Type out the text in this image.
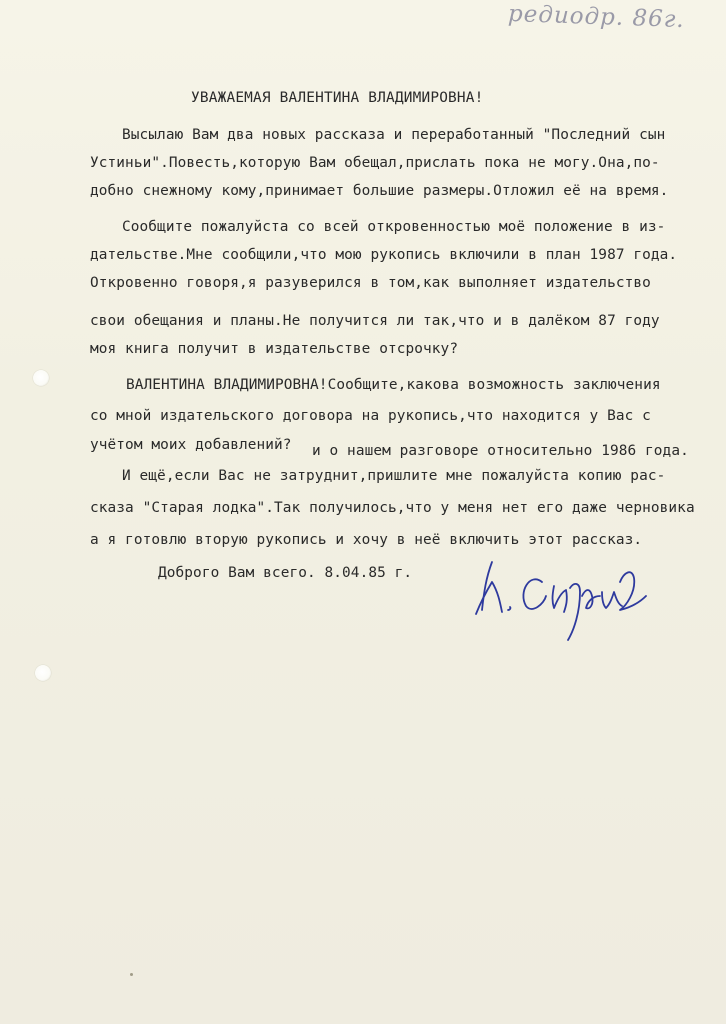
редиодр. 86г.
УВАЖАЕМАЯ ВАЛЕНТИНА ВЛАДИМИРОВНА!
Высылаю Вам два новых рассказа и переработанный "Последний сын
Устиньи".Повесть,которую Вам обещал,прислать пока не могу.Она,по-
добно снежному кому,принимает большие размеры.Отложил её на время.
Сообщите пожалуйста со всей откровенностью моё положение в из-
дательстве.Мне сообщили,что мою рукопись включили в план 1987 года.
Откровенно говоря,я разуверился в том,как выполняет издательство
свои обещания и планы.Не получится ли так,что и в далёком 87 году
моя книга получит в издательстве отсрочку?
ВАЛЕНТИНА ВЛАДИМИРОВНА!Сообщите,какова возможность заключения
со мной издательского договора на рукопись,что находится у Вас с
учётом моих добавлений? и о нашем разговоре относительно 1986 года.
И ещё,если Вас не затруднит,пришлите мне пожалуйста копию рас-
сказа "Старая лодка".Так получилось,что у меня нет его даже черновика
а я готовлю вторую рукопись и хочу в неё включить этот рассказ.
Доброго Вам всего. 8.04.85 г.
